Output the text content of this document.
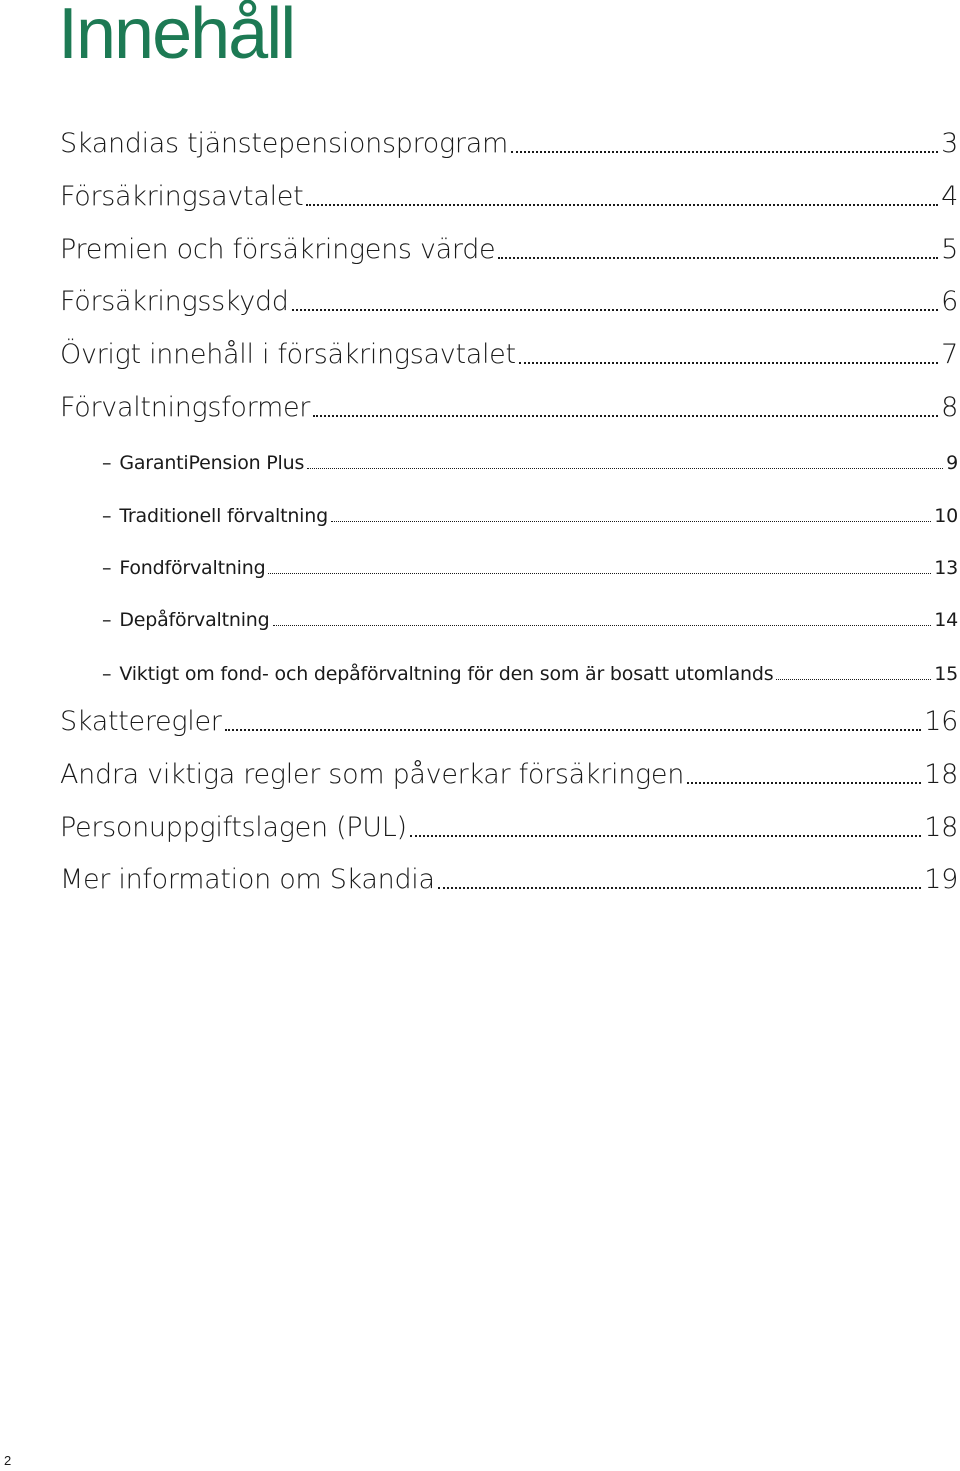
Innehåll
Skandias tjänstepensionsprogram	3
Försäkringsavtalet	4
Premien och försäkringens värde	5
Försäkringsskydd	6
Övrigt innehåll i försäkringsavtalet	7
Förvaltningsformer	8
– GarantiPension Plus	9
– Traditionell förvaltning	10
– Fondförvaltning	13
– Depåförvaltning	14
– Viktigt om fond- och depåförvaltning för den som är bosatt utomlands	15
Skatteregler	16
Andra viktiga regler som påverkar försäkringen	18
Personuppgiftslagen (PUL)	18
Mer information om Skandia	19
2
